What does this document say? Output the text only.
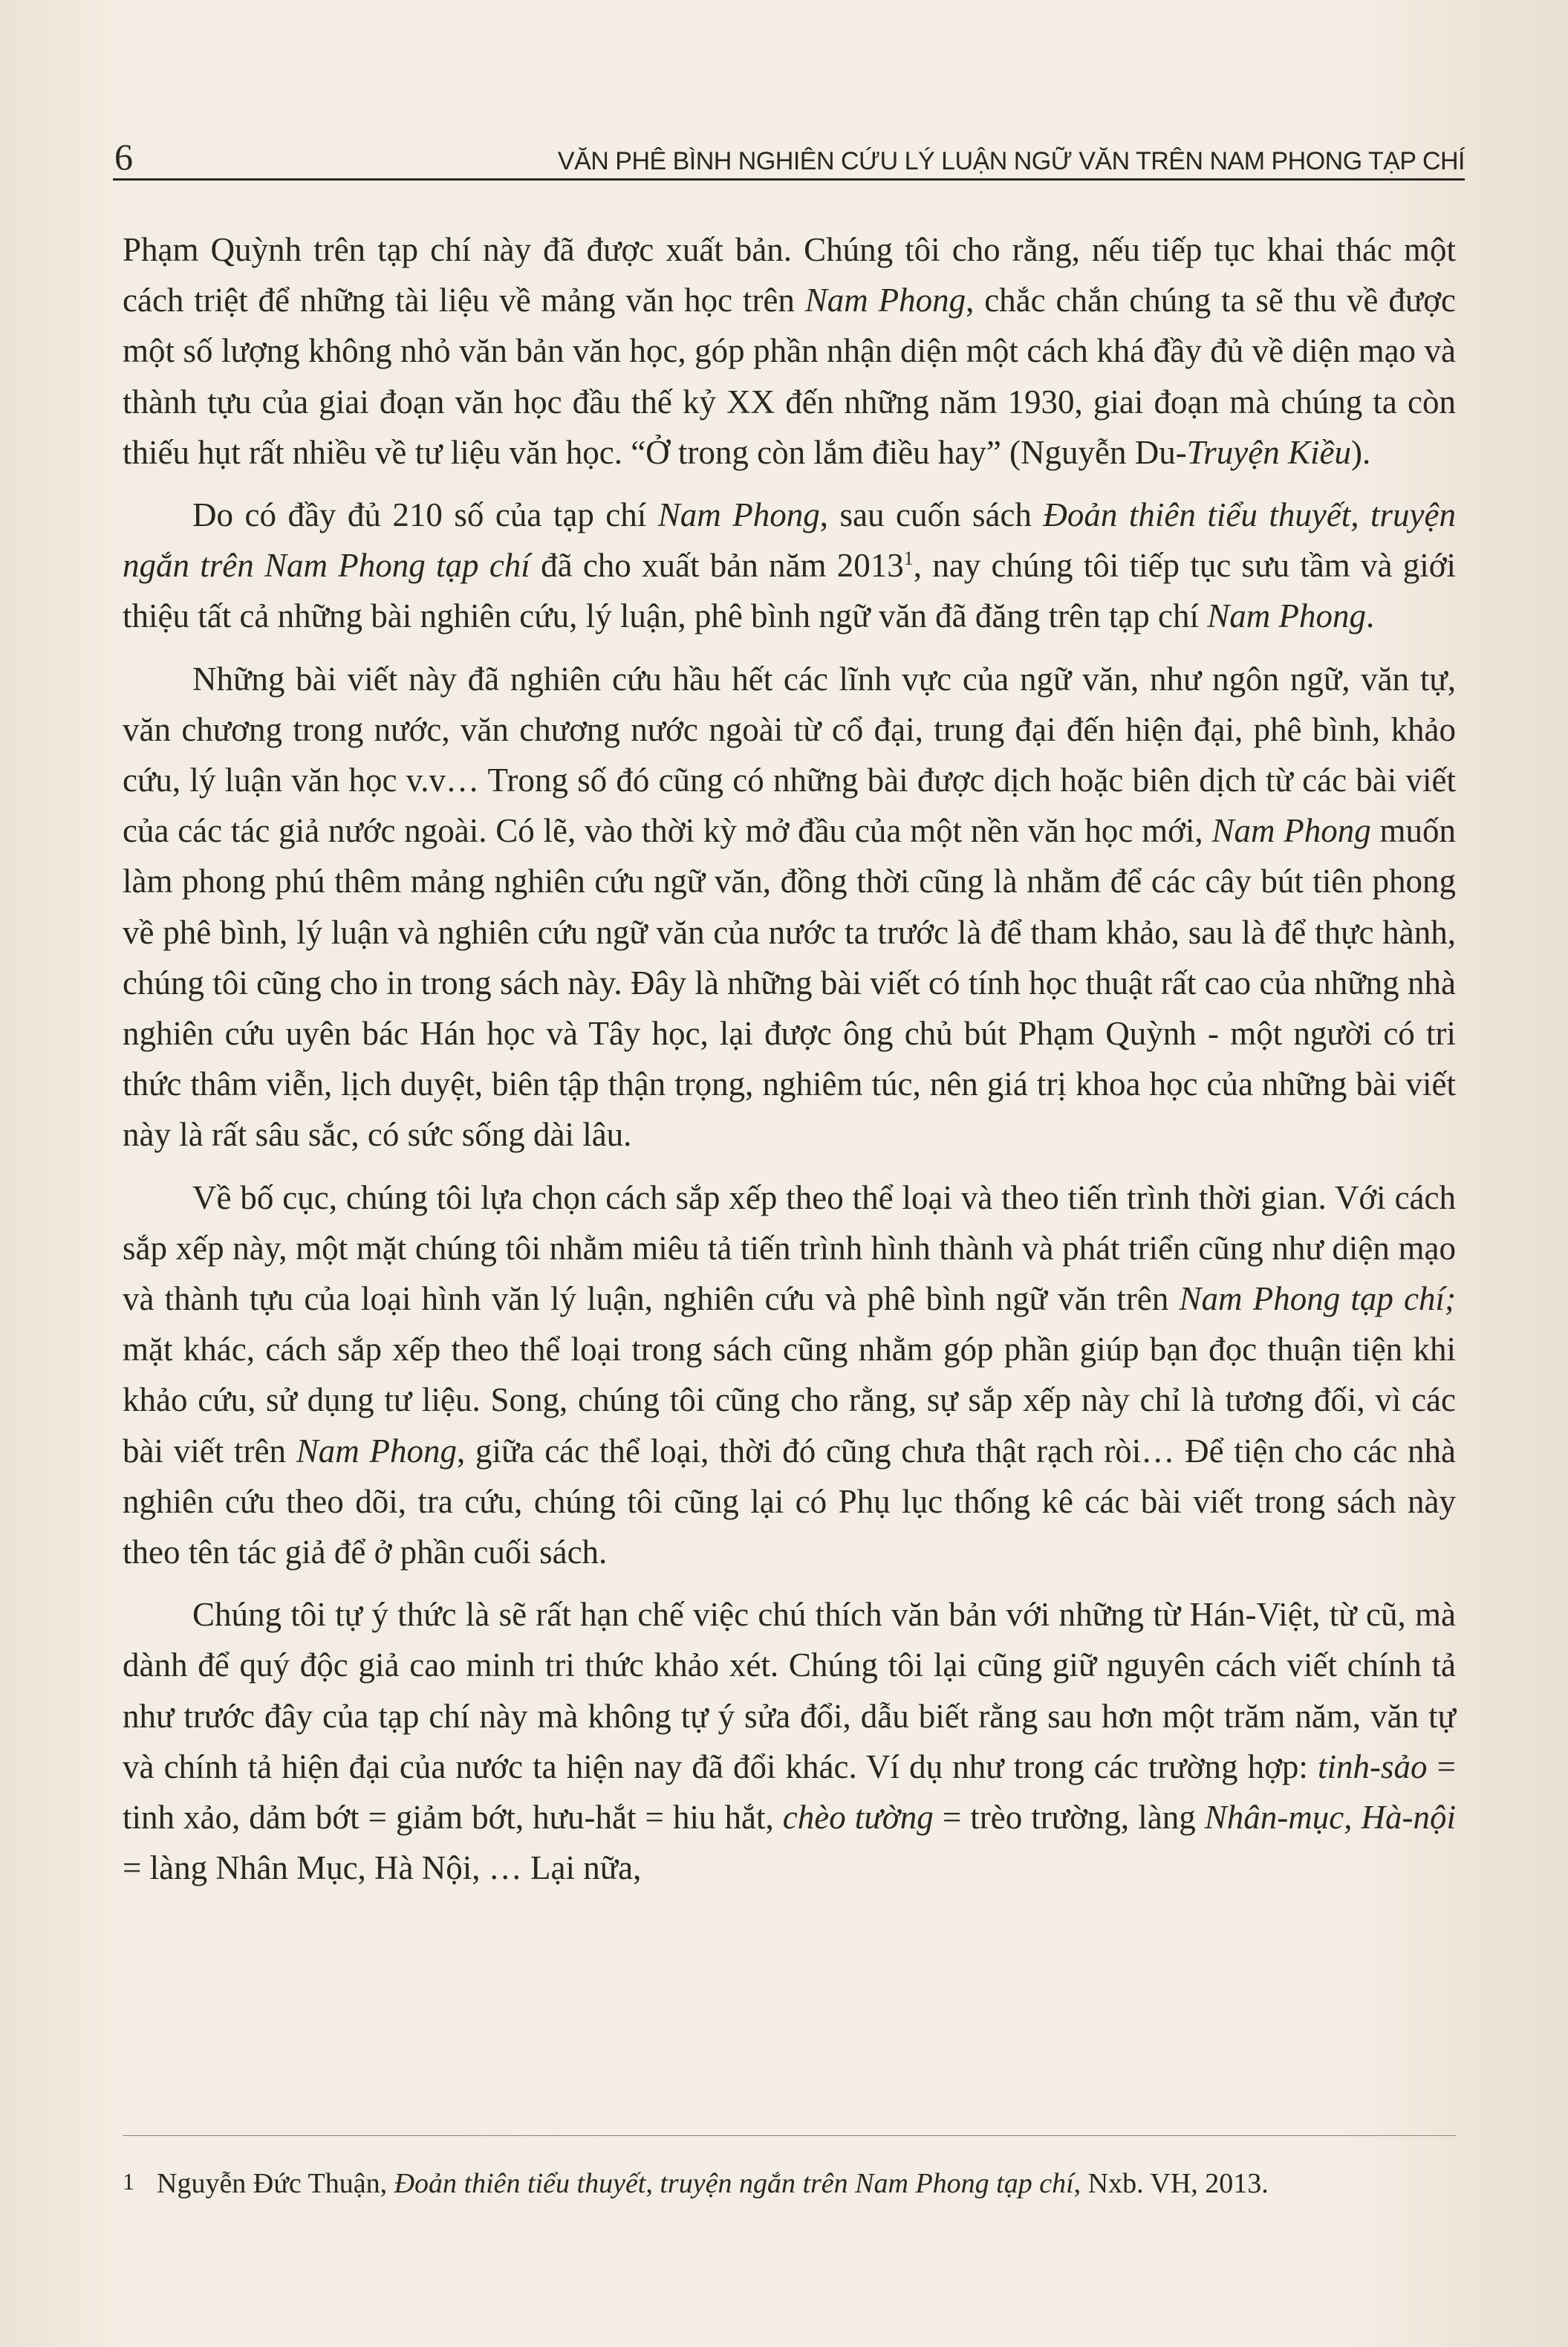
6	VĂN PHÊ BÌNH NGHIÊN CỨU LÝ LUẬN NGỮ VĂN TRÊN NAM PHONG TẠP CHÍ

Phạm Quỳnh trên tạp chí này đã được xuất bản. Chúng tôi cho rằng, nếu tiếp tục khai thác một cách triệt để những tài liệu về mảng văn học trên Nam Phong, chắc chắn chúng ta sẽ thu về được một số lượng không nhỏ văn bản văn học, góp phần nhận diện một cách khá đầy đủ về diện mạo và thành tựu của giai đoạn văn học đầu thế kỷ XX đến những năm 1930, giai đoạn mà chúng ta còn thiếu hụt rất nhiều về tư liệu văn học. “Ở trong còn lắm điều hay” (Nguyễn Du-Truyện Kiều).

Do có đầy đủ 210 số của tạp chí Nam Phong, sau cuốn sách Đoản thiên tiểu thuyết, truyện ngắn trên Nam Phong tạp chí đã cho xuất bản năm 2013$^1$, nay chúng tôi tiếp tục sưu tầm và giới thiệu tất cả những bài nghiên cứu, lý luận, phê bình ngữ văn đã đăng trên tạp chí Nam Phong.

Những bài viết này đã nghiên cứu hầu hết các lĩnh vực của ngữ văn, như ngôn ngữ, văn tự, văn chương trong nước, văn chương nước ngoài từ cổ đại, trung đại đến hiện đại, phê bình, khảo cứu, lý luận văn học v.v… Trong số đó cũng có những bài được dịch hoặc biên dịch từ các bài viết của các tác giả nước ngoài. Có lẽ, vào thời kỳ mở đầu của một nền văn học mới, Nam Phong muốn làm phong phú thêm mảng nghiên cứu ngữ văn, đồng thời cũng là nhằm để các cây bút tiên phong về phê bình, lý luận và nghiên cứu ngữ văn của nước ta trước là để tham khảo, sau là để thực hành, chúng tôi cũng cho in trong sách này. Đây là những bài viết có tính học thuật rất cao của những nhà nghiên cứu uyên bác Hán học và Tây học, lại được ông chủ bút Phạm Quỳnh - một người có tri thức thâm viễn, lịch duyệt, biên tập thận trọng, nghiêm túc, nên giá trị khoa học của những bài viết này là rất sâu sắc, có sức sống dài lâu.

Về bố cục, chúng tôi lựa chọn cách sắp xếp theo thể loại và theo tiến trình thời gian. Với cách sắp xếp này, một mặt chúng tôi nhằm miêu tả tiến trình hình thành và phát triển cũng như diện mạo và thành tựu của loại hình văn lý luận, nghiên cứu và phê bình ngữ văn trên Nam Phong tạp chí; mặt khác, cách sắp xếp theo thể loại trong sách cũng nhằm góp phần giúp bạn đọc thuận tiện khi khảo cứu, sử dụng tư liệu. Song, chúng tôi cũng cho rằng, sự sắp xếp này chỉ là tương đối, vì các bài viết trên Nam Phong, giữa các thể loại, thời đó cũng chưa thật rạch ròi… Để tiện cho các nhà nghiên cứu theo dõi, tra cứu, chúng tôi cũng lại có Phụ lục thống kê các bài viết trong sách này theo tên tác giả để ở phần cuối sách.

Chúng tôi tự ý thức là sẽ rất hạn chế việc chú thích văn bản với những từ Hán-Việt, từ cũ, mà dành để quý độc giả cao minh tri thức khảo xét. Chúng tôi lại cũng giữ nguyên cách viết chính tả như trước đây của tạp chí này mà không tự ý sửa đổi, dẫu biết rằng sau hơn một trăm năm, văn tự và chính tả hiện đại của nước ta hiện nay đã đổi khác. Ví dụ như trong các trường hợp: tinh-sảo = tinh xảo, dảm bớt = giảm bớt, hưu-hắt = hiu hắt, chèo tường = trèo trường, làng Nhân-mục, Hà-nội = làng Nhân Mục, Hà Nội, … Lại nữa,

1 Nguyễn Đức Thuận, Đoản thiên tiểu thuyết, truyện ngắn trên Nam Phong tạp chí, Nxb. VH, 2013.
